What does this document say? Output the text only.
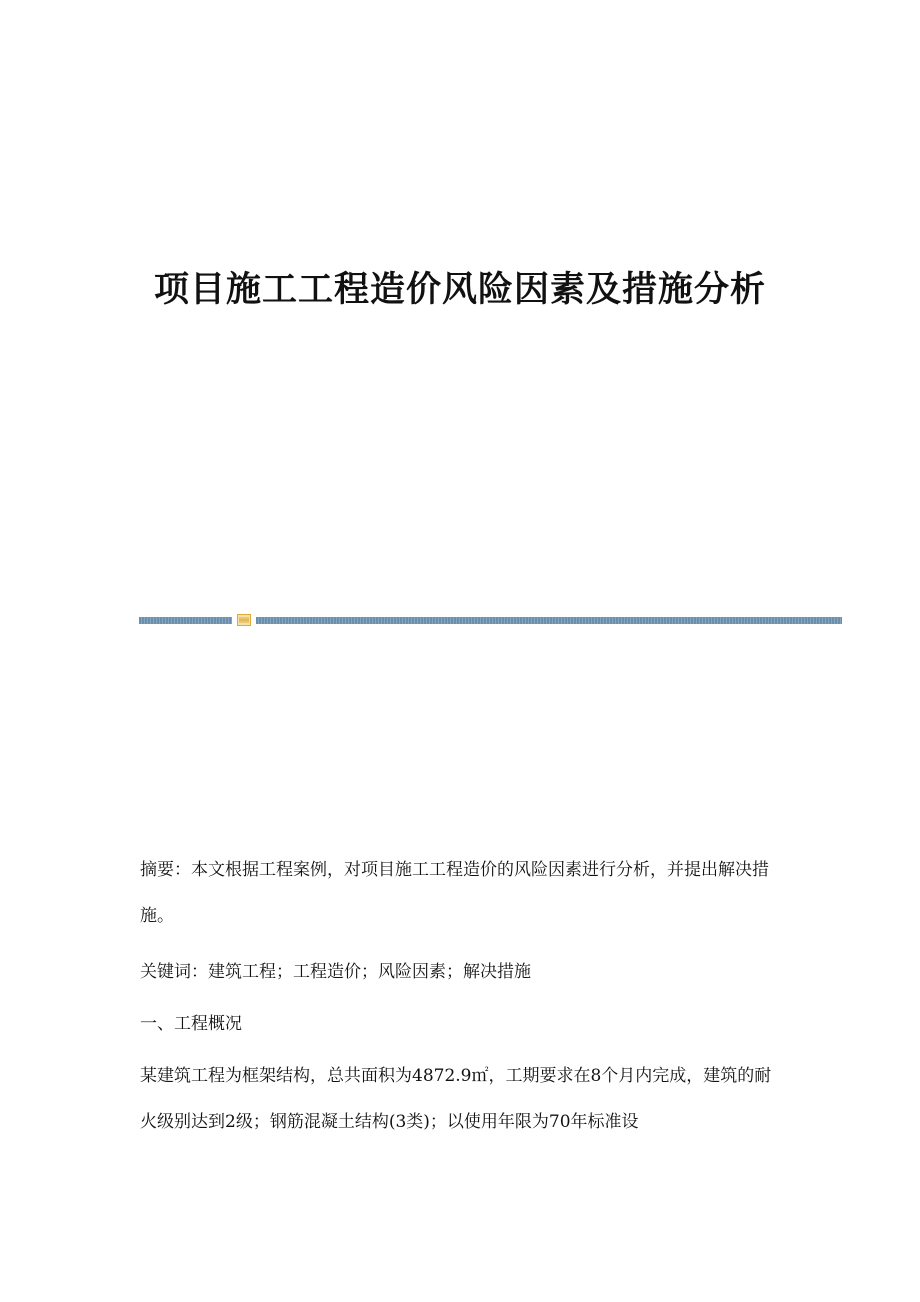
项目施工工程造价风险因素及措施分析

摘要：本文根据工程案例，对项目施工工程造价的风险因素进行分析，并提出解决措施。

关键词：建筑工程；工程造价；风险因素；解决措施

一、工程概况

某建筑工程为框架结构，总共面积为4872.9㎡，工期要求在8个月内完成，建筑的耐火级别达到2级；钢筋混凝土结构(3类)；以使用年限为70年标准设
